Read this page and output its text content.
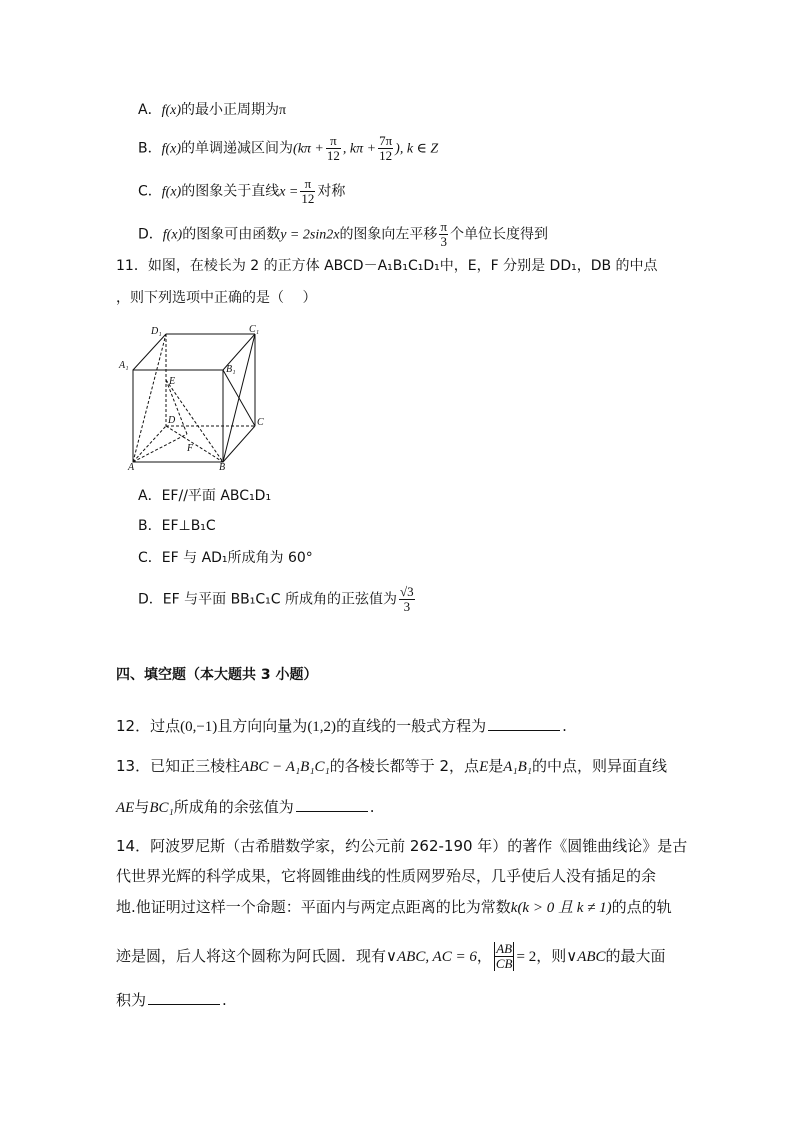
A．f(x)的最小正周期为π
B．f(x)的单调递减区间为($k\pi + \frac{\pi}{12}$ , $k\pi + \frac{7\pi}{12}$ ), k ∈ Z
C．f(x)的图象关于直线$x = \frac{\pi}{12}$ 对称
D．f(x)的图象可由函数y = 2sin2x的图象向左平移 $\frac{\pi}{3}$ 个单位长度得到
11．如图，在棱长为 2 的正方体 ABCD－A₁B₁C₁D₁中，E，F 分别是 DD₁，DB 的中点
，则下列选项中正确的是（　 ）
D₁	C₁
A₁	B₁
E
D	C
F
A	B
A．EF//平面 ABC₁D₁
B．EF⊥B₁C
C．EF 与 AD₁所成角为 60°
D．EF 与平面 BB₁C₁C 所成角的正弦值为 $\frac{√3}{3}$
四、填空题（本大题共 3 小题）
12．过点(0,−1)且方向向量为(1,2)的直线的一般式方程为	.
13．已知正三棱柱ABC − A₁B₁C₁的各棱长都等于 2，点E是A₁B₁的中点，则异面直线
AE与BC₁所成角的余弦值为	.
14．阿波罗尼斯（古希腊数学家，约公元前 262-190 年）的著作《圆锥曲线论》是古
代世界光辉的科学成果，它将圆锥曲线的性质网罗殆尽，几乎使后人没有插足的余
地.他证明过这样一个命题：平面内与两定点距离的比为常数k(k > 0 且 k ≠ 1)的点的轨
迹是圆，后人将这个圆称为阿氏圆．现有∨ABC, AC = 6， $\frac{AB}{CB} = 2$，则∨ABC的最大面
积为	.
